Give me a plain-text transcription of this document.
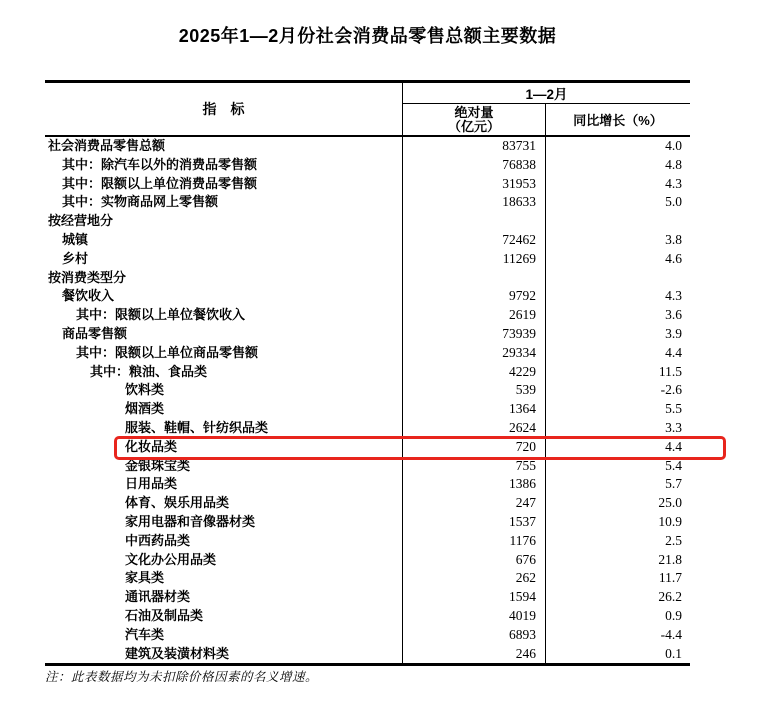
2025年1—2月份社会消费品零售总额主要数据
指　标
1—2月
绝对量
（亿元）	同比增长（%）
社会消费品零售总额	83731	4.0
其中：除汽车以外的消费品零售额	76838	4.8
其中：限额以上单位消费品零售额	31953	4.3
其中：实物商品网上零售额	18633	5.0
按经营地分
城镇	72462	3.8
乡村	11269	4.6
按消费类型分
餐饮收入	9792	4.3
其中：限额以上单位餐饮收入	2619	3.6
商品零售额	73939	3.9
其中：限额以上单位商品零售额	29334	4.4
其中：粮油、食品类	4229	11.5
饮料类	539	-2.6
烟酒类	1364	5.5
服装、鞋帽、针纺织品类	2624	3.3
化妆品类	720	4.4
金银珠宝类	755	5.4
日用品类	1386	5.7
体育、娱乐用品类	247	25.0
家用电器和音像器材类	1537	10.9
中西药品类	1176	2.5
文化办公用品类	676	21.8
家具类	262	11.7
通讯器材类	1594	26.2
石油及制品类	4019	0.9
汽车类	6893	-4.4
建筑及装潢材料类	246	0.1
注：此表数据均为未扣除价格因素的名义增速。
